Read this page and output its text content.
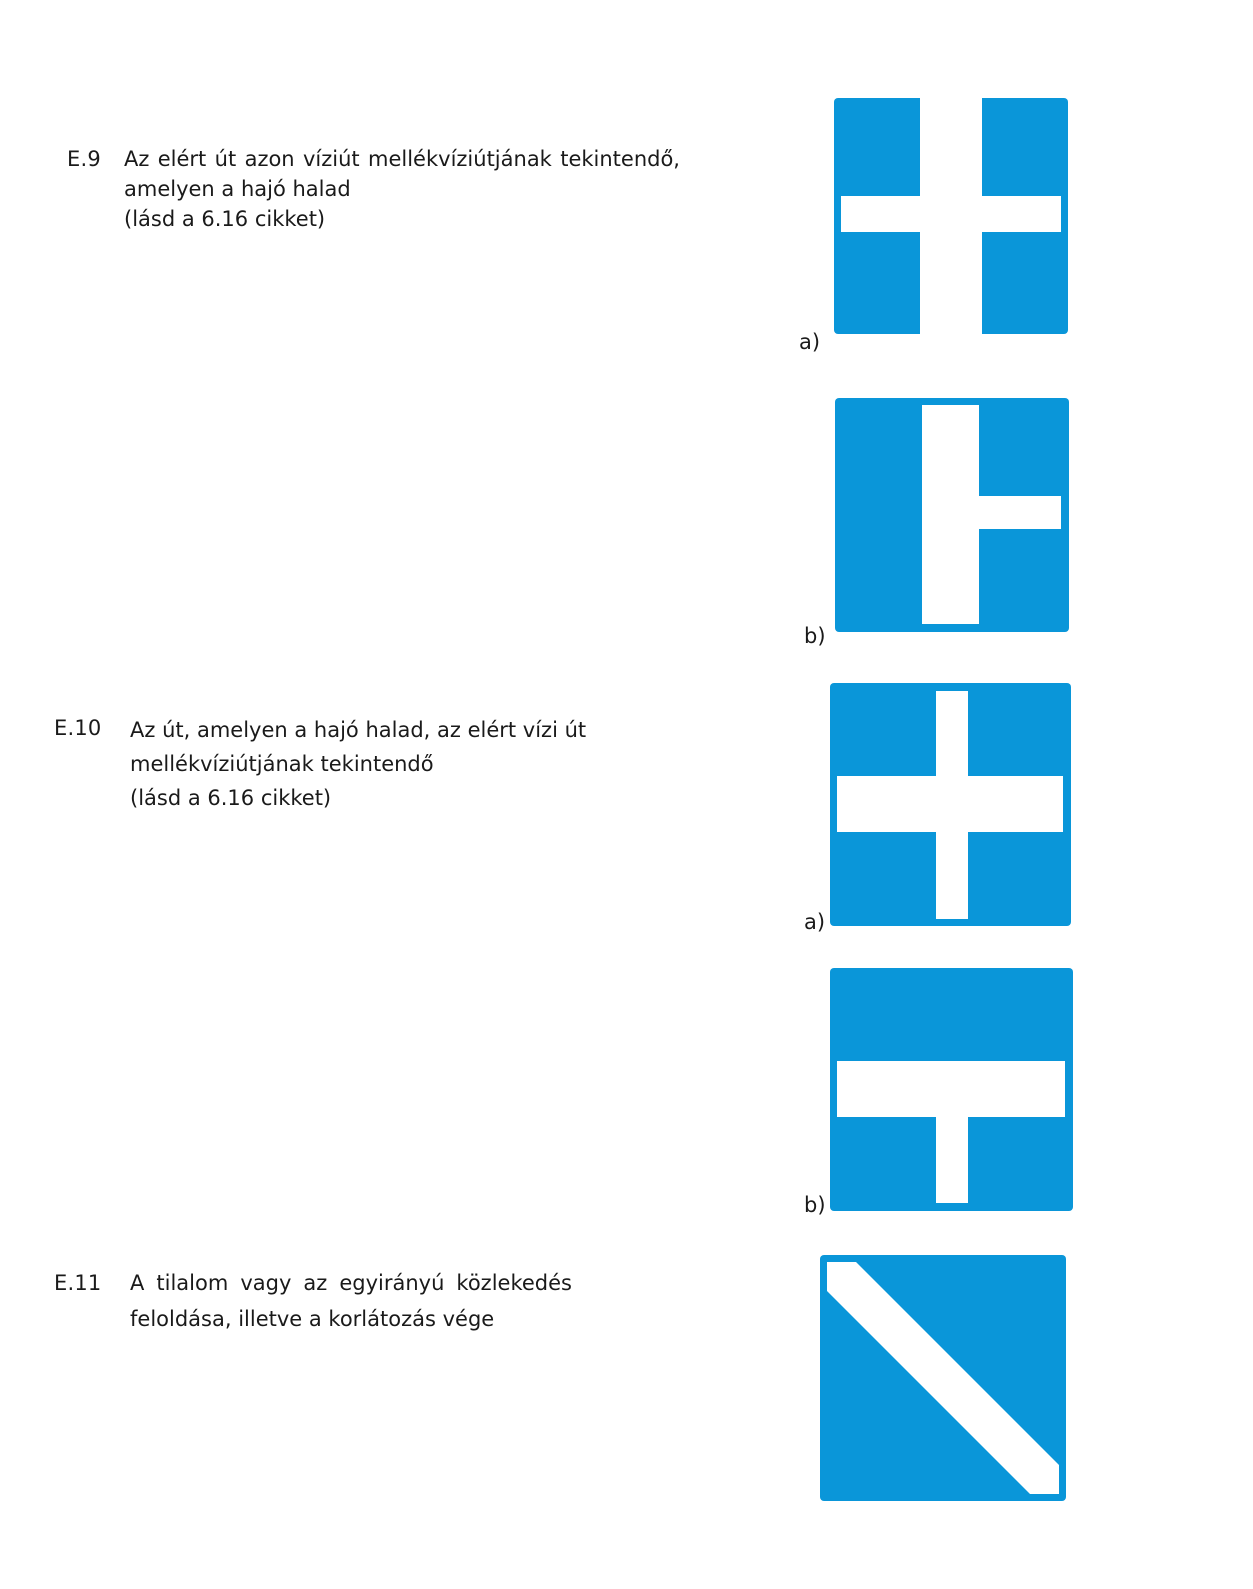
E.9 Az elért út azon víziút mellékvíziútjának tekintendő,
amelyen a hajó halad
(lásd a 6.16 cikket)
a)
b)
E.10 Az út, amelyen a hajó halad, az elért vízi út
mellékvíziútjának tekintendő
(lásd a 6.16 cikket)
a)
b)
E.11 A tilalom vagy az egyirányú közlekedés
feloldása, illetve a korlátozás vége
